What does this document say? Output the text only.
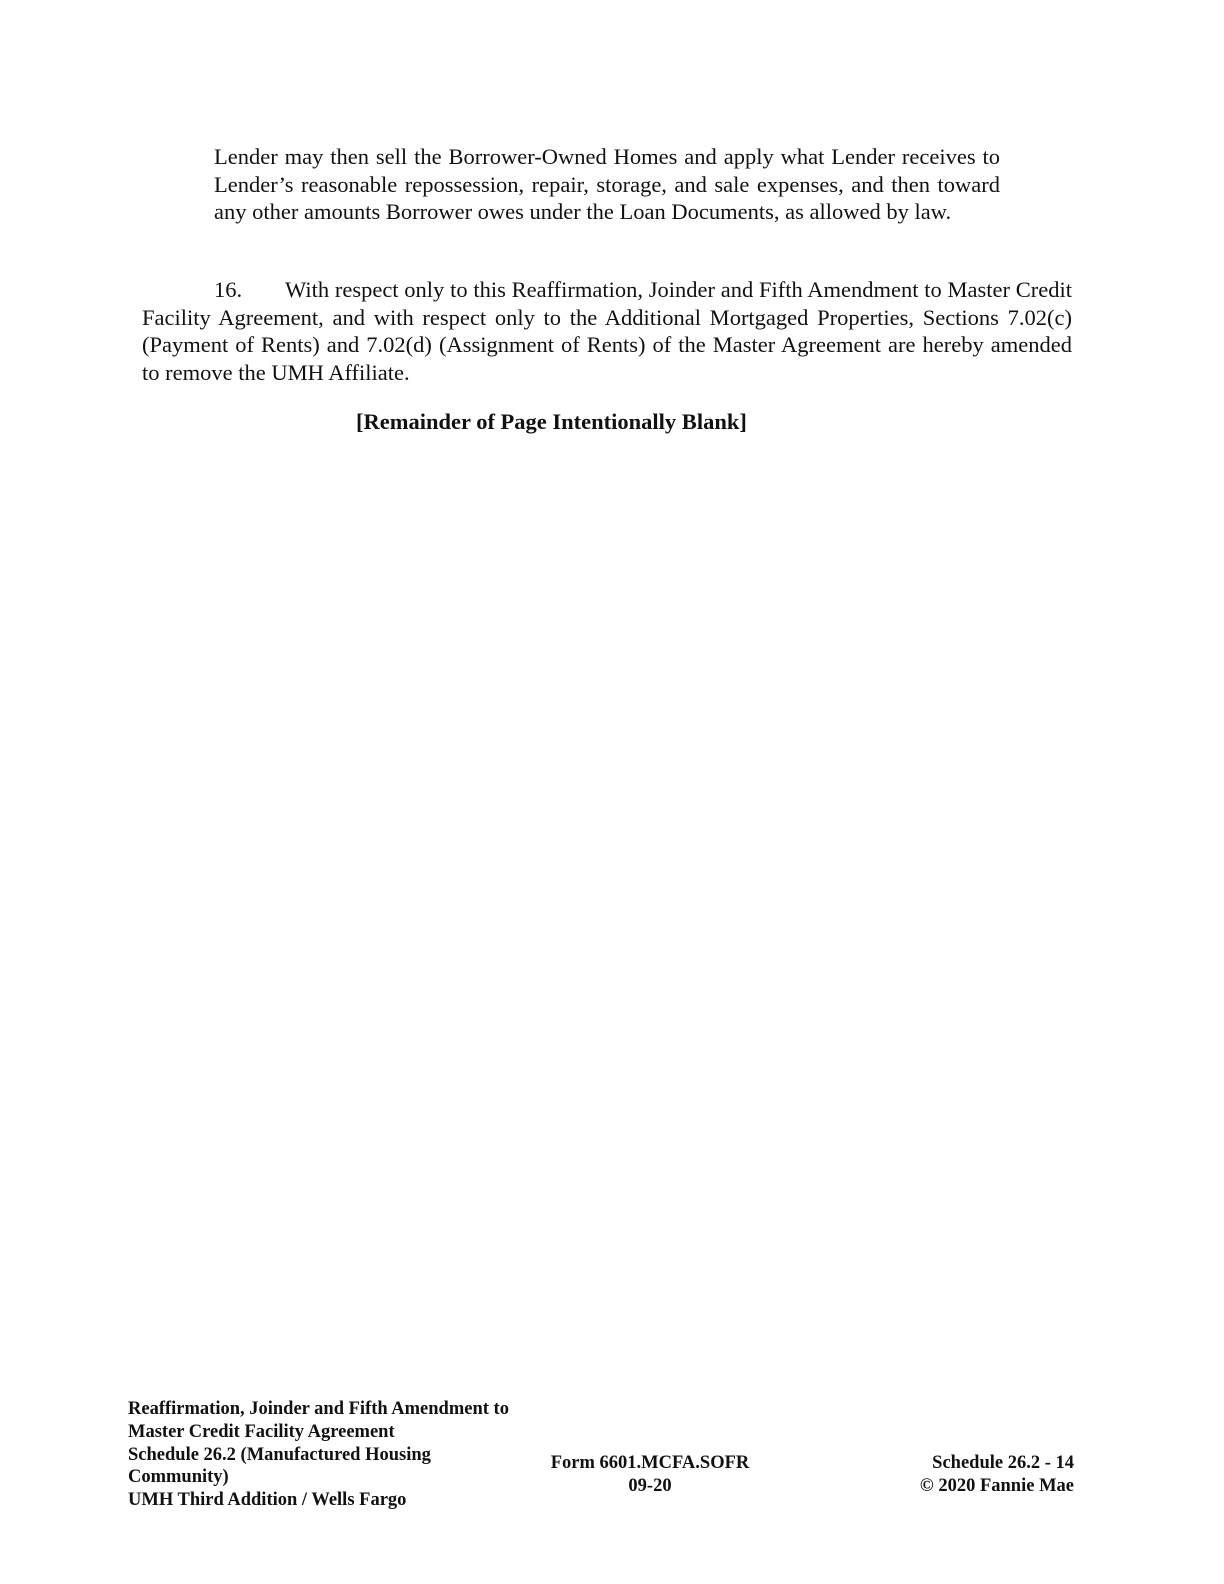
Lender may then sell the Borrower-Owned Homes and apply what Lender receives to Lender’s reasonable repossession, repair, storage, and sale expenses, and then toward any other amounts Borrower owes under the Loan Documents, as allowed by law.

16. With respect only to this Reaffirmation, Joinder and Fifth Amendment to Master Credit Facility Agreement, and with respect only to the Additional Mortgaged Properties, Sections 7.02(c) (Payment of Rents) and 7.02(d) (Assignment of Rents) of the Master Agreement are hereby amended to remove the UMH Affiliate.

[Remainder of Page Intentionally Blank]

Reaffirmation, Joinder and Fifth Amendment to
Master Credit Facility Agreement
Schedule 26.2 (Manufactured Housing
Community)
UMH Third Addition / Wells Fargo
Form 6601.MCFA.SOFR
09-20
Schedule 26.2 - 14
© 2020 Fannie Mae
